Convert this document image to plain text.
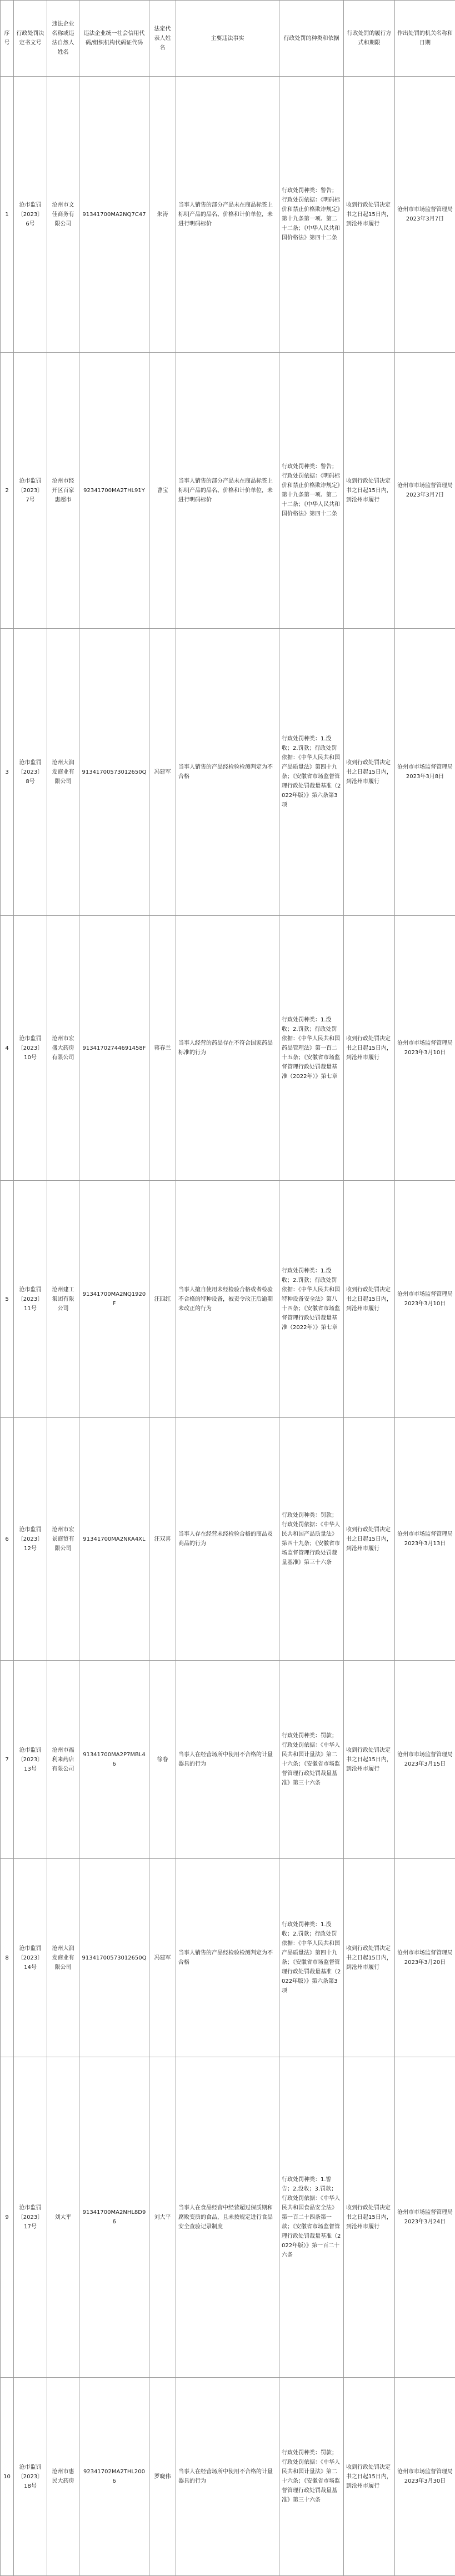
序号	行政处罚决定书文号	违法企业名称或违法自然人姓名	违法企业统一社会信用代码/组织机构代码证代码	法定代表人姓名	主要违法事实	行政处罚的种类和依据	行政处罚的履行方式和期限	作出处罚的机关名称和日期
1	沧市监罚〔2023〕6号	沧州市文佳商务有限公司	91341700MA2NQ7C47	朱涛	当事人销售的部分产品未在商品标签上标明产品的品名、价格和计价单位，未进行明码标价	行政处罚种类：警告；行政处罚依据：《明码标价和禁止价格欺诈规定》第十九条第一项、第二十二条；《中华人民共和国价格法》第四十二条	收到行政处罚决定书之日起15日内，到沧州市履行	沧州市市场监督管理局2023年3月7日
2	沧市监罚〔2023〕7号	沧州市经开区百家惠超市	92341700MA2THL91Y	曹宝	当事人销售的部分产品未在商品标签上标明产品的品名、价格和计价单位，未进行明码标价	行政处罚种类：警告；行政处罚依据：《明码标价和禁止价格欺诈规定》第十九条第一项、第二十二条；《中华人民共和国价格法》第四十二条	收到行政处罚决定书之日起15日内，到沧州市履行	沧州市市场监督管理局2023年3月7日
3	沧市监罚〔2023〕8号	沧州大润发商业有限公司	91341700573012650Q	冯建军	当事人销售的产品经检验检测判定为不合格	行政处罚种类：1.没收；2.罚款；行政处罚依据：《中华人民共和国产品质量法》第四十九条；《安徽省市场监督管理行政处罚裁量基准（2022年版）》第六条第3项	收到行政处罚决定书之日起15日内，到沧州市履行	沧州市市场监督管理局2023年3月8日
4	沧市监罚〔2023〕10号	沧州市宏盛大药房有限公司	91341702744691458F	蒋春兰	当事人经营的药品存在不符合国家药品标准的行为	行政处罚种类：1.没收；2.罚款；行政处罚依据：《中华人民共和国药品管理法》第一百二十五条；《安徽省市场监督管理行政处罚裁量基准（2022年）》第七章	收到行政处罚决定书之日起15日内，到沧州市履行	沧州市市场监督管理局2023年3月10日
5	沧市监罚〔2023〕11号	沧州建工集团有限公司	91341700MA2NQ1920F	汪四红	当事人擅自使用未经检验合格或者检验不合格的特种设备，被责令改正后逾期未改正的行为	行政处罚种类：1.没收；2.罚款；行政处罚依据：《中华人民共和国特种设备安全法》第八十四条；《安徽省市场监督管理行政处罚裁量基准（2022年）》第七章	收到行政处罚决定书之日起15日内，到沧州市履行	沧州市市场监督管理局2023年3月10日
6	沧市监罚〔2023〕12号	沧州市宏景商贸有限公司	91341700MA2NKA4XL	汪双喜	当事人存在经营未经检验合格的商品及商品的行为	行政处罚种类：罚款；行政处罚依据：《中华人民共和国产品质量法》第四十九条；《安徽省市场监督管理行政处罚裁量基准》第三十六条	收到行政处罚决定书之日起15日内，到沧州市履行	沧州市市场监督管理局2023年3月13日
7	沧市监罚〔2023〕13号	沧州市福利来药店有限公司	91341700MA2P7MBL46	徐春	当事人在经营场所中使用不合格的计量器具的行为	行政处罚种类：罚款；行政处罚依据：《中华人民共和国计量法》第二十六条；《安徽省市场监督管理行政处罚裁量基准》第三十六条	收到行政处罚决定书之日起15日内，到沧州市履行	沧州市市场监督管理局2023年3月15日
8	沧市监罚〔2023〕14号	沧州大润发商业有限公司	91341700573012650Q	冯建军	当事人销售的产品经检验检测判定为不合格	行政处罚种类：1.没收；2.罚款；行政处罚依据：《中华人民共和国产品质量法》第四十九条；《安徽省市场监督管理行政处罚裁量基准（2022年版）》第六条第3项	收到行政处罚决定书之日起15日内，到沧州市履行	沧州市市场监督管理局2023年3月20日
9	沧市监罚〔2023〕17号	刘大平	91341700MA2NHL8D96	刘大平	当事人在食品经营中经营超过保质期和腐败变质的食品，且未按规定进行食品安全查验记录制度	行政处罚种类：1.警告；2.没收；3.罚款；行政处罚依据：《中华人民共和国食品安全法》第一百二十四条第一款；《安徽省市场监督管理行政处罚裁量基准（2022年版）》第一百二十六条	收到行政处罚决定书之日起15日内，到沧州市履行	沧州市市场监督管理局2023年3月24日
10	沧市监罚〔2023〕18号	沧州市惠民大药房	92341702MA2THL2006	罗晓伟	当事人在经营场所中使用不合格的计量器具的行为	行政处罚种类：罚款；行政处罚依据：《中华人民共和国计量法》第二十六条；《安徽省市场监督管理行政处罚裁量基准》第三十六条	收到行政处罚决定书之日起15日内，到沧州市履行	沧州市市场监督管理局2023年3月30日
